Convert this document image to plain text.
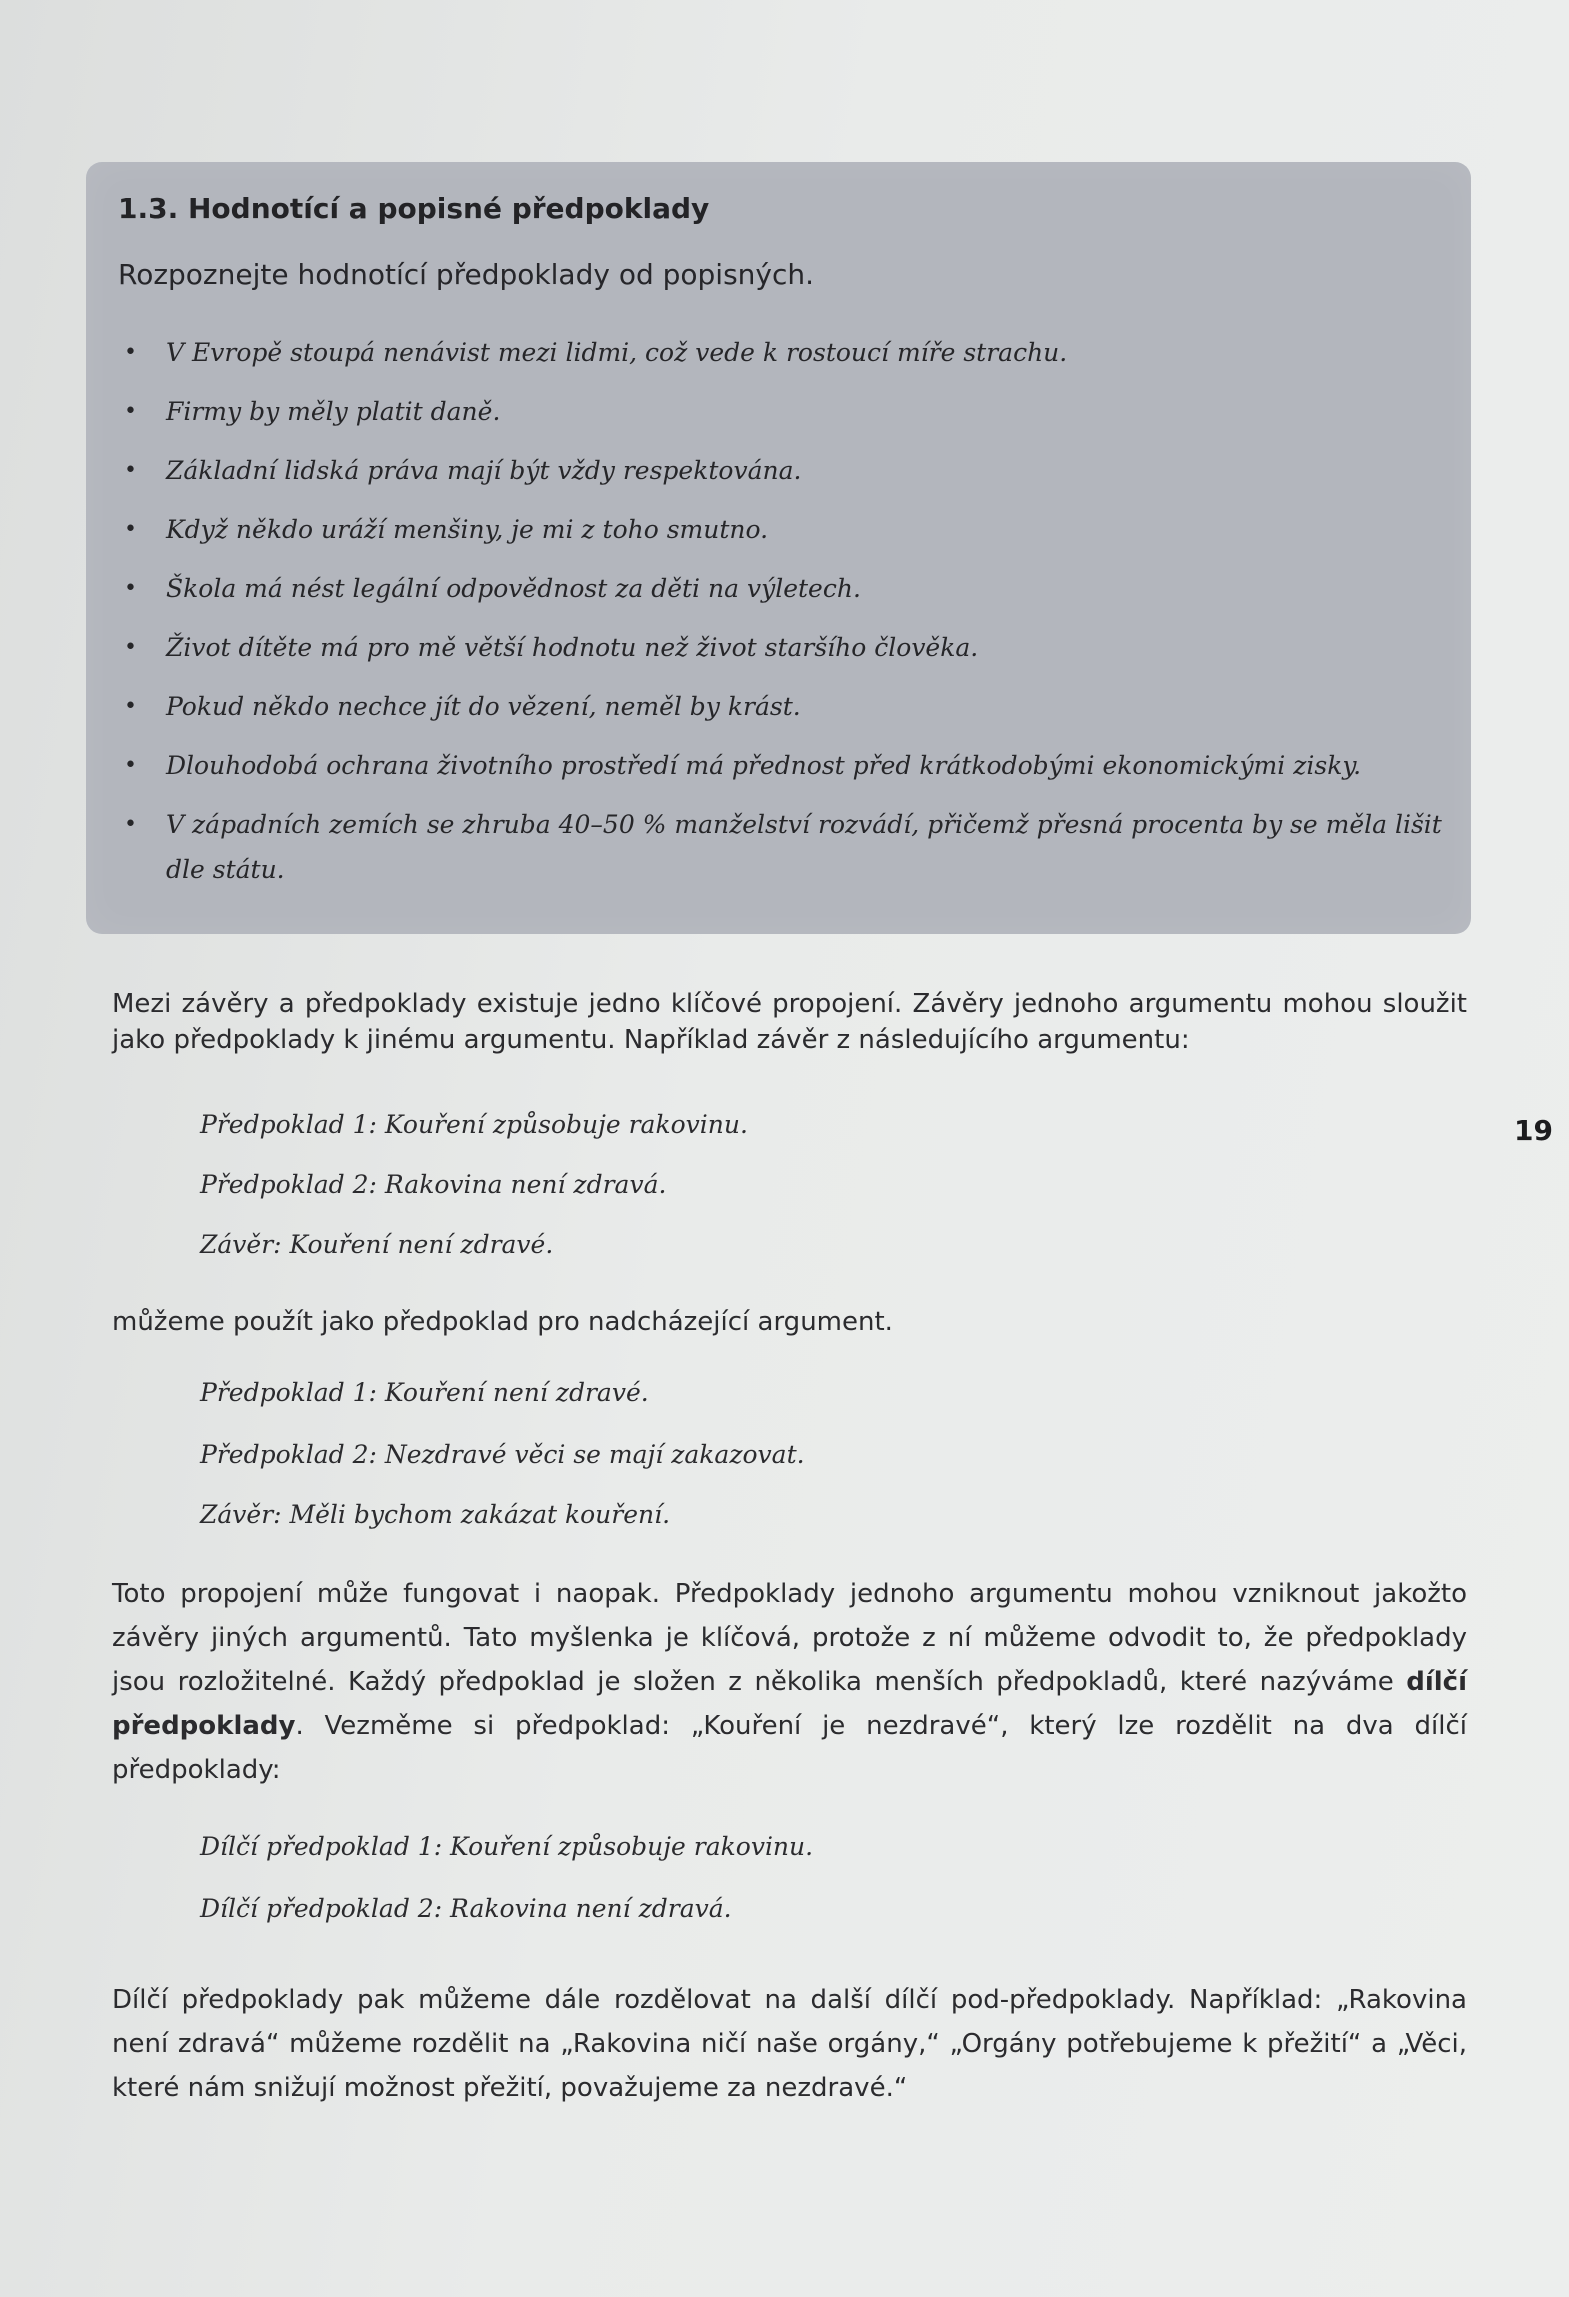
1.3. Hodnotící a popisné předpoklady

Rozpoznejte hodnotící předpoklady od popisných.

• V Evropě stoupá nenávist mezi lidmi, což vede k rostoucí míře strachu.
• Firmy by měly platit daně.
• Základní lidská práva mají být vždy respektována.
• Když někdo uráží menšiny, je mi z toho smutno.
• Škola má nést legální odpovědnost za děti na výletech.
• Život dítěte má pro mě větší hodnotu než život staršího člověka.
• Pokud někdo nechce jít do vězení, neměl by krást.
• Dlouhodobá ochrana životního prostředí má přednost před krátkodobými ekonomickými zisky.
• V západních zemích se zhruba 40–50 % manželství rozvádí, přičemž přesná procenta by se měla lišit dle státu.

Mezi závěry a předpoklady existuje jedno klíčové propojení. Závěry jednoho argumentu mohou sloužit jako předpoklady k jinému argumentu. Například závěr z následujícího argumentu:

Předpoklad 1: Kouření způsobuje rakovinu.

Předpoklad 2: Rakovina není zdravá.

Závěr: Kouření není zdravé.

můžeme použít jako předpoklad pro nadcházející argument.

Předpoklad 1: Kouření není zdravé.

Předpoklad 2: Nezdravé věci se mají zakazovat.

Závěr: Měli bychom zakázat kouření.

Toto propojení může fungovat i naopak. Předpoklady jednoho argumentu mohou vzniknout jakožto závěry jiných argumentů. Tato myšlenka je klíčová, protože z ní můžeme odvodit to, že předpoklady jsou rozložitelné. Každý předpoklad je složen z několika menších předpokladů, které nazýváme dílčí předpoklady. Vezměme si předpoklad: „Kouření je nezdravé“, který lze rozdělit na dva dílčí předpoklady:

Dílčí předpoklad 1: Kouření způsobuje rakovinu.

Dílčí předpoklad 2: Rakovina není zdravá.

Dílčí předpoklady pak můžeme dále rozdělovat na další dílčí pod-předpoklady. Například: „Rakovina není zdravá“ můžeme rozdělit na „Rakovina ničí naše orgány,“ „Orgány potřebujeme k přežití“ a „Věci, které nám snižují možnost přežití, považujeme za nezdravé.“

19
